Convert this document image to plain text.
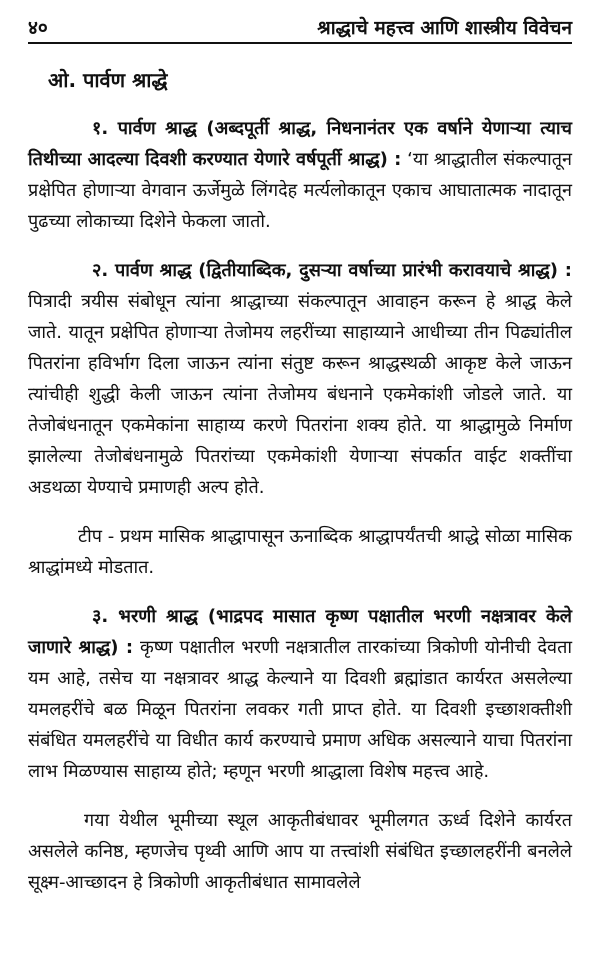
४०	श्राद्धाचे महत्त्व आणि शास्त्रीय विवेचन
ओ. पार्वण श्राद्धे

१. पार्वण श्राद्ध (अब्दपूर्ती श्राद्ध, निधनानंतर एक वर्षाने येणाऱ्या त्याच तिथीच्या आदल्या दिवशी करण्यात येणारे वर्षपूर्ती श्राद्ध) : ‘या श्राद्धातील संकल्पातून प्रक्षेपित होणाऱ्या वेगवान ऊर्जेमुळे लिंगदेह मर्त्यलोकातून एकाच आघातात्मक नादातून पुढच्या लोकाच्या दिशेने फेकला जातो.

२. पार्वण श्राद्ध (द्वितीयाब्दिक, दुसऱ्या वर्षाच्या प्रारंभी करावयाचे श्राद्ध) : पित्रादी त्रयीस संबोधून त्यांना श्राद्धाच्या संकल्पातून आवाहन करून हे श्राद्ध केले जाते. यातून प्रक्षेपित होणाऱ्या तेजोमय लहरींच्या साहाय्याने आधीच्या तीन पिढ्यांतील पितरांना हविर्भाग दिला जाऊन त्यांना संतुष्ट करून श्राद्धस्थळी आकृष्ट केले जाऊन त्यांचीही शुद्धी केली जाऊन त्यांना तेजोमय बंधनाने एकमेकांशी जोडले जाते. या तेजोबंधनातून एकमेकांना साहाय्य करणे पितरांना शक्य होते. या श्राद्धामुळे निर्माण झालेल्या तेजोबंधनामुळे पितरांच्या एकमेकांशी येणाऱ्या संपर्कात वाईट शक्तींचा अडथळा येण्याचे प्रमाणही अल्प होते.

टीप - प्रथम मासिक श्राद्धापासून ऊनाब्दिक श्राद्धापर्यंतची श्राद्धे सोळा मासिक श्राद्धांमध्ये मोडतात.

३. भरणी श्राद्ध (भाद्रपद मासात कृष्ण पक्षातील भरणी नक्षत्रावर केले जाणारे श्राद्ध) : कृष्ण पक्षातील भरणी नक्षत्रातील तारकांच्या त्रिकोणी योनीची देवता यम आहे, तसेच या नक्षत्रावर श्राद्ध केल्याने या दिवशी ब्रह्मांडात कार्यरत असलेल्या यमलहरींचे बळ मिळून पितरांना लवकर गती प्राप्त होते. या दिवशी इच्छाशक्तीशी संबंधित यमलहरींचे या विधीत कार्य करण्याचे प्रमाण अधिक असल्याने याचा पितरांना लाभ मिळण्यास साहाय्य होते; म्हणून भरणी श्राद्धाला विशेष महत्त्व आहे.

गया येथील भूमीच्या स्थूल आकृतीबंधावर भूमीलगत ऊर्ध्व दिशेने कार्यरत असलेले कनिष्ठ, म्हणजेच पृथ्वी आणि आप या तत्त्वांशी संबंधित इच्छालहरींनी बनलेले सूक्ष्म-आच्छादन हे त्रिकोणी आकृतीबंधात सामावलेले
